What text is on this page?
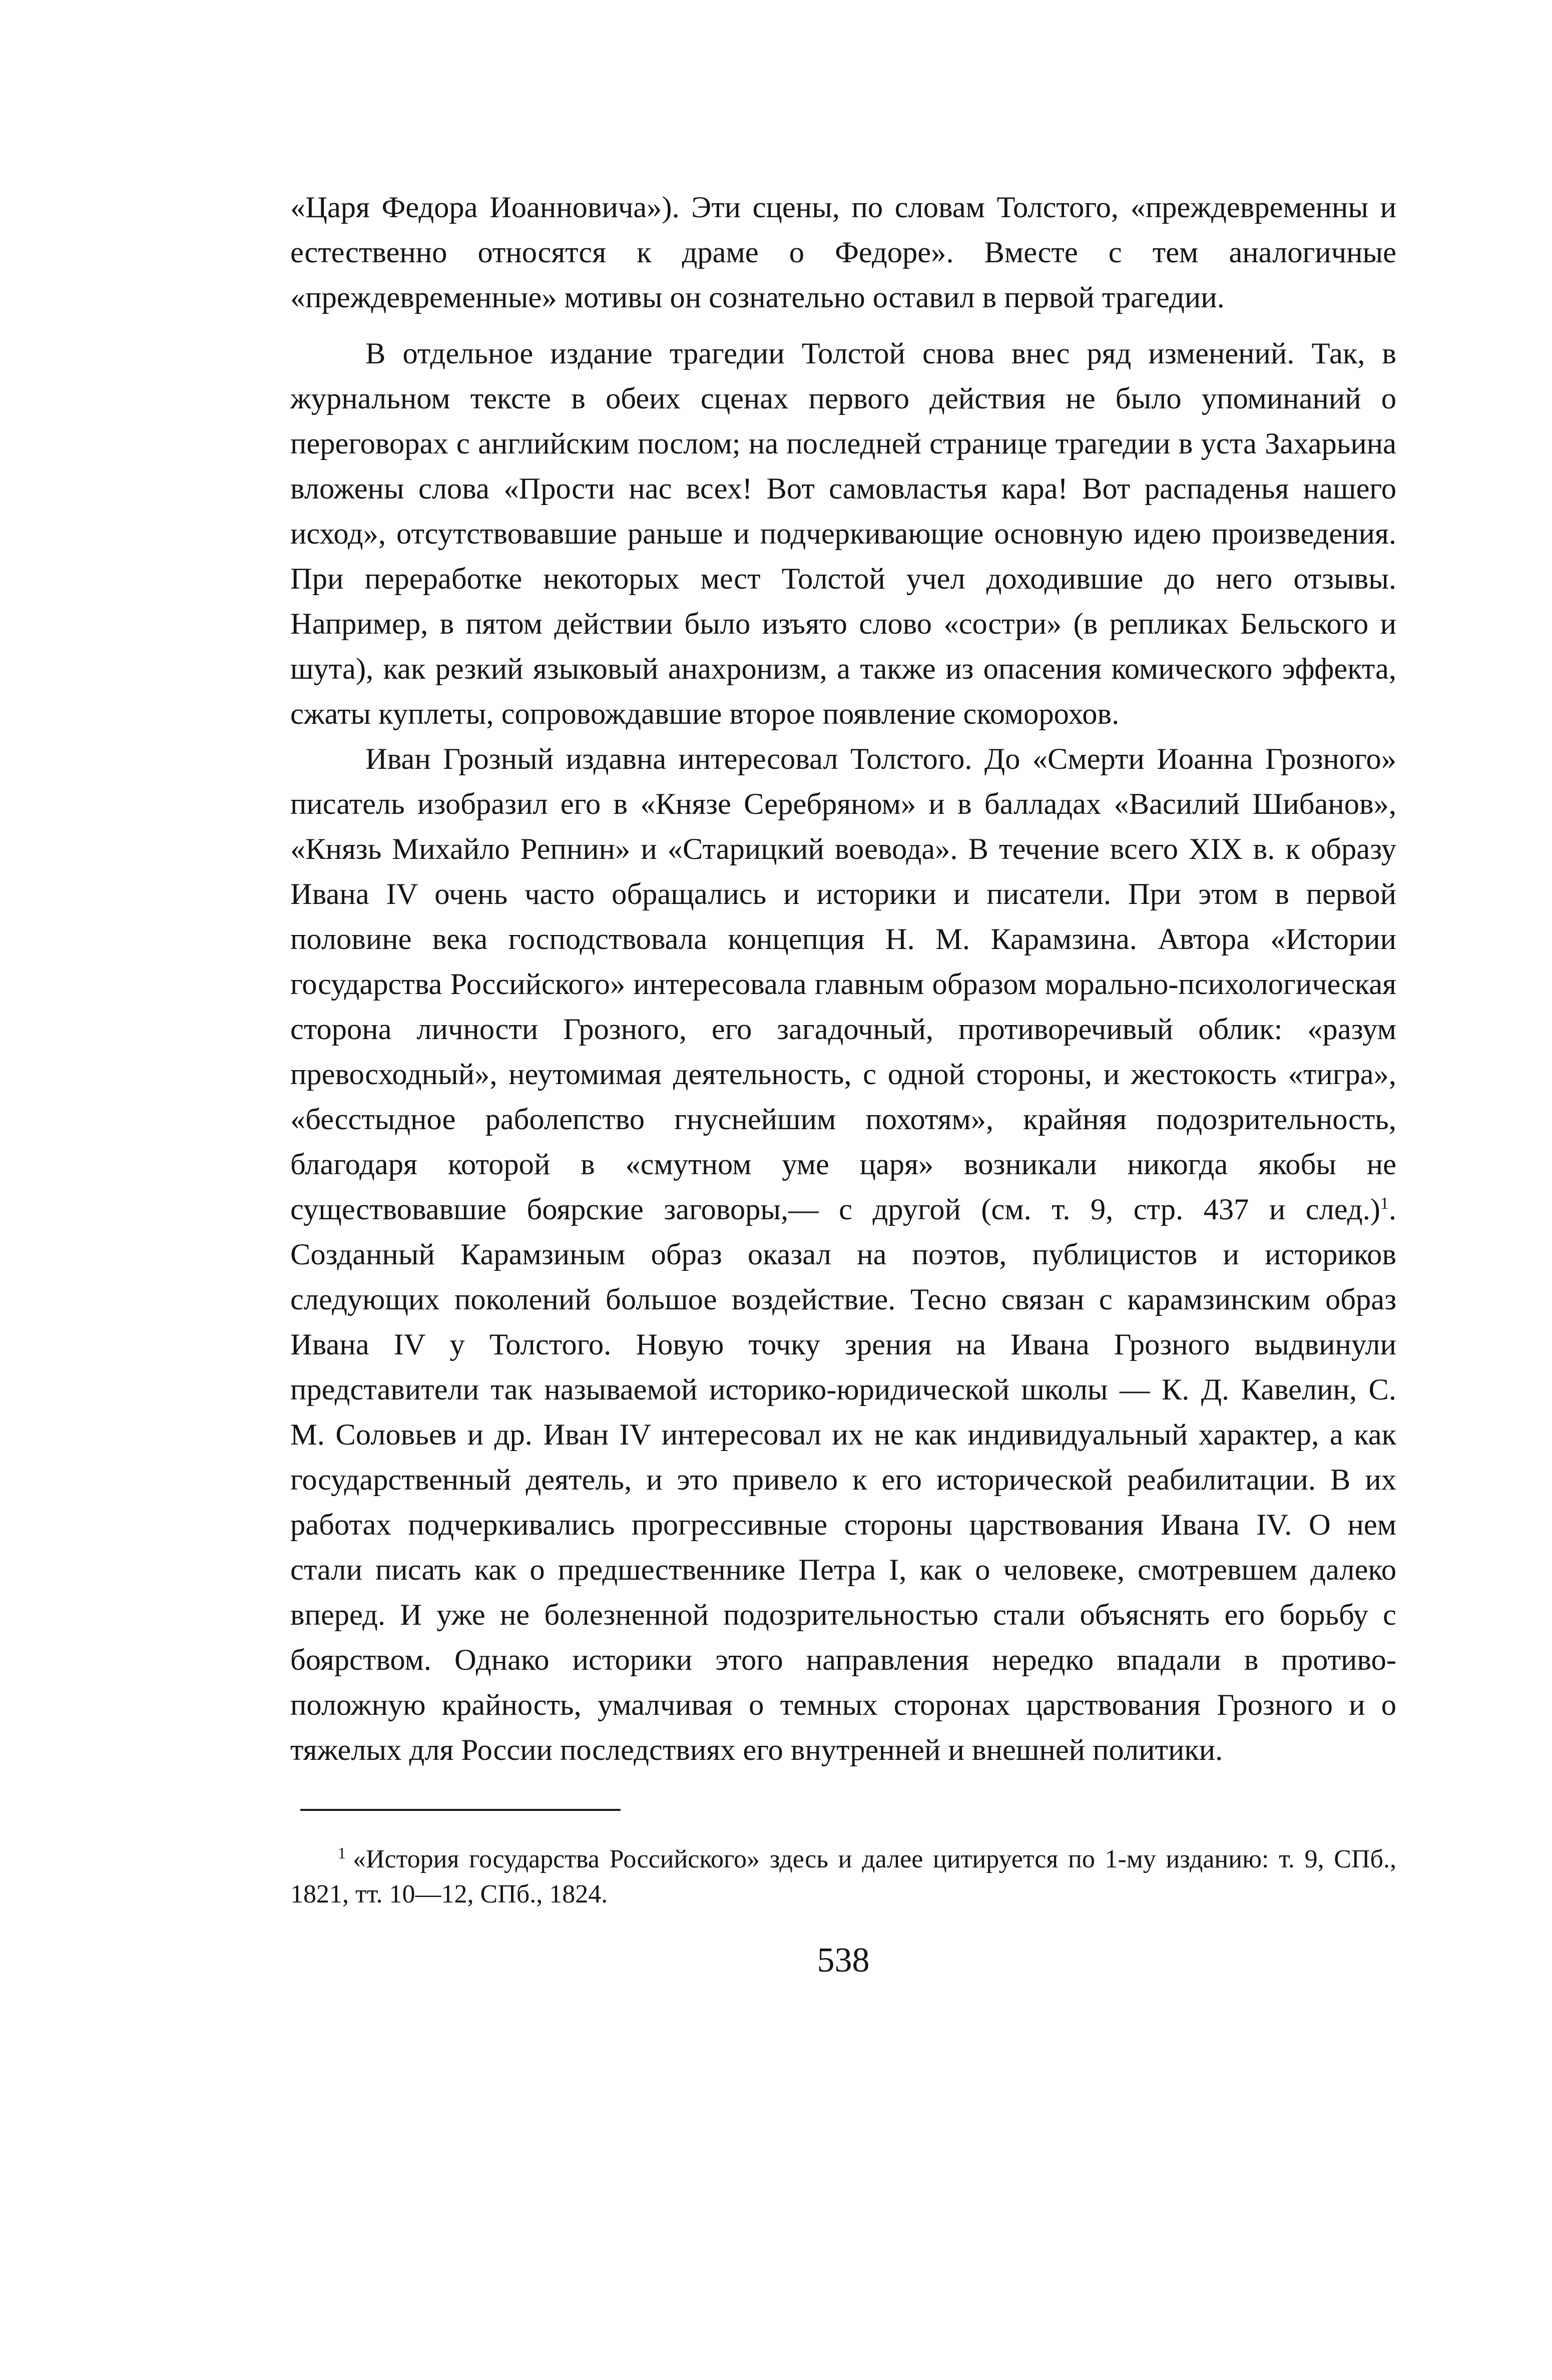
«Царя Федора Иоанновича»). Эти сцены, по словам Толстого, «преждевременны и естественно относятся к драме о Федоре». Вместе с тем аналогичные «преждевременные» мотивы он сознательно оставил в первой трагедии.

В отдельное издание трагедии Толстой снова внес ряд изменений. Так, в журнальном тексте в обеих сценах первого действия не было упоминаний о переговорах с английским послом; на последней странице трагедии в уста Захарьина вложены слова «Прости нас всех! Вот самовластья кара! Вот распаденья нашего исход», отсутствовавшие раньше и подчеркивающие основную идею произведения. При переработке некоторых мест Толстой учел доходившие до него отзывы. Например, в пятом действии было изъято слово «состри» (в репликах Бельского и шута), как резкий языковый анахронизм, а также из опасения комического эффекта, сжаты куплеты, сопровождавшие второе появление скоморохов.

Иван Грозный издавна интересовал Толстого. До «Смерти Иоанна Грозного» писатель изобразил его в «Князе Серебряном» и в балладах «Василий Шибанов», «Князь Михайло Репнин» и «Старицкий воевода». В течение всего XIX в. к образу Ивана IV очень часто обращались и историки и писатели. При этом в первой половине века господствовала концепция Н. М. Карамзина. Автора «Истории государства Российского» интересовала главным образом морально-психологическая сторона личности Грозного, его загадочный, противоречивый облик: «разум превосходный», неутомимая деятельность, с одной стороны, и жестокость «тигра», «бесстыдное раболепство гнуснейшим похотям», крайняя подозрительность, благодаря которой в «смутном уме царя» возникали никогда якобы не существовавшие боярские заговоры,— с другой (см. т. 9, стр. 437 и след.)$^1$. Созданный Карамзиным образ оказал на поэтов, публицистов и историков следующих поколений большое воздействие. Тесно связан с карамзинским образ Ивана IV у Толстого. Новую точку зрения на Ивана Грозного выдвинули представители так называемой историко-юридической школы — К. Д. Кавелин, С. М. Соловьев и др. Иван IV интересовал их не как индивидуальный характер, а как государственный деятель, и это привело к его исторической реабилитации. В их работах подчеркивались прогрессивные стороны царствования Ивана IV. О нем стали писать как о предшественнике Петра I, как о человеке, смотревшем далеко вперед. И уже не болезненной подозрительностью стали объяснять его борьбу с боярством. Однако историки этого направления нередко впадали в противоположную крайность, умалчивая о темных сторонах царствования Грозного и о тяжелых для России последствиях его внутренней и внешней политики.

$^1$ «История государства Российского» здесь и далее цитируется по 1-му изданию: т. 9, СПб., 1821, тт. 10—12, СПб., 1824.

538
